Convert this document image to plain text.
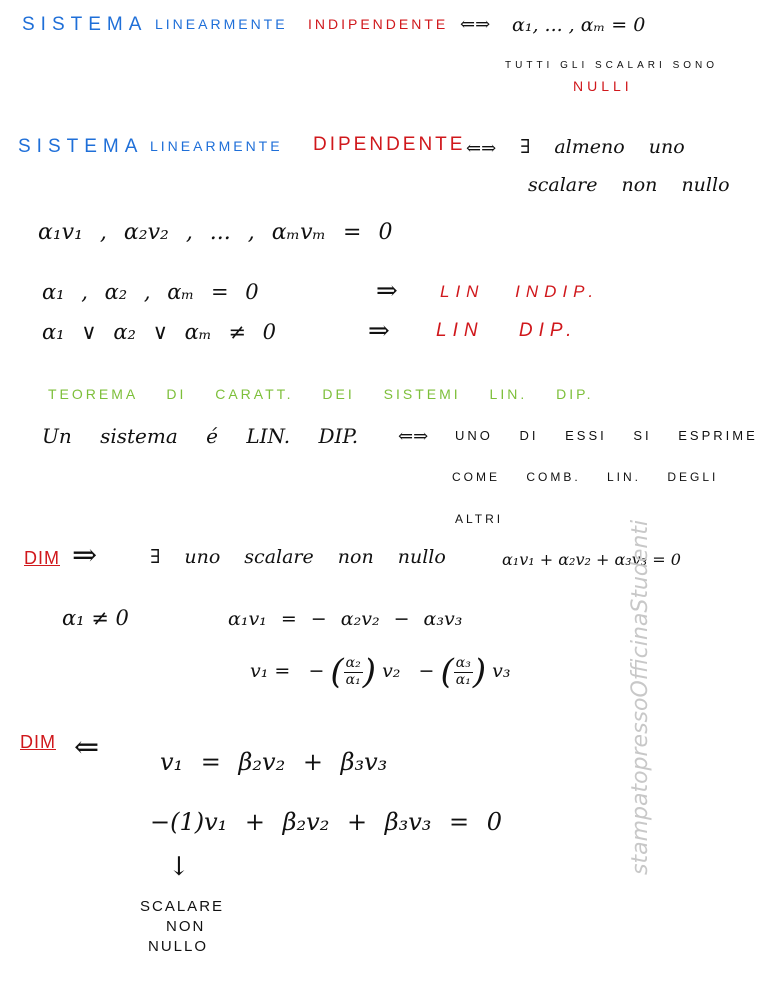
SISTEMA LINEARMENTE INDIPENDENTE ⇐⇒ α₁, ... , αₘ = 0
TUTTI GLI SCALARI SONO
NULLI
SISTEMA LINEARMENTE DIPENDENTE ⇐⇒ ∃ almeno uno
scalare non nullo
α₁v₁ , α₂v₂ , ... , αₘvₘ = 0
α₁ , α₂ , αₘ = 0	⇒ LIN INDIP.
α₁ ∨ α₂ ∨ αₘ ≠ 0	⇒ LIN DIP.
TEOREMA DI CARATT. DEI SISTEMI LIN. DIP.
Un sistema é LIN. DIP. ⇐⇒ UNO DI ESSI SI ESPRIME
COME COMB. LIN. DEGLI
ALTRI
DIM ⇒	∃ uno scalare non nullo	α₁v₁ + α₂v₂ + α₃v₃ = 0
α₁ ≠ 0	α₁v₁ = − α₂v₂ − α₃v₃
v₁ = − ( $\frac{\text{α₂}}{\text{α₁}}$ ) v₂ − ( $\frac{\text{α₃}}{\text{α₁}}$ ) v₃
DIM ⇐	v₁ = β₂v₂ + β₃v₃
−(1)v₁ + β₂v₂ + β₃v₃ = 0
↓
SCALARE
NON
NULLO
stampatopressoOfficinaStudenti
